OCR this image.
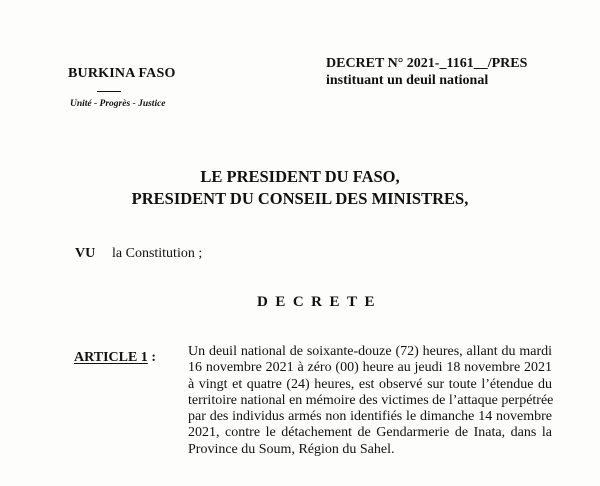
BURKINA FASO
Unité - Progrès - Justice
DECRET N° 2021-_1161__/PRES
instituant un deuil national
LE PRESIDENT DU FASO,
PRESIDENT DU CONSEIL DES MINISTRES,
VU la Constitution ;
DECRETE
ARTICLE 1 : Un deuil national de soixante-douze (72) heures, allant du mardi
16 novembre 2021 à zéro (00) heure au jeudi 18 novembre 2021
à vingt et quatre (24) heures, est observé sur toute l’étendue du
territoire national en mémoire des victimes de l’attaque perpétrée
par des individus armés non identifiés le dimanche 14 novembre
2021, contre le détachement de Gendarmerie de Inata, dans la
Province du Soum, Région du Sahel.
